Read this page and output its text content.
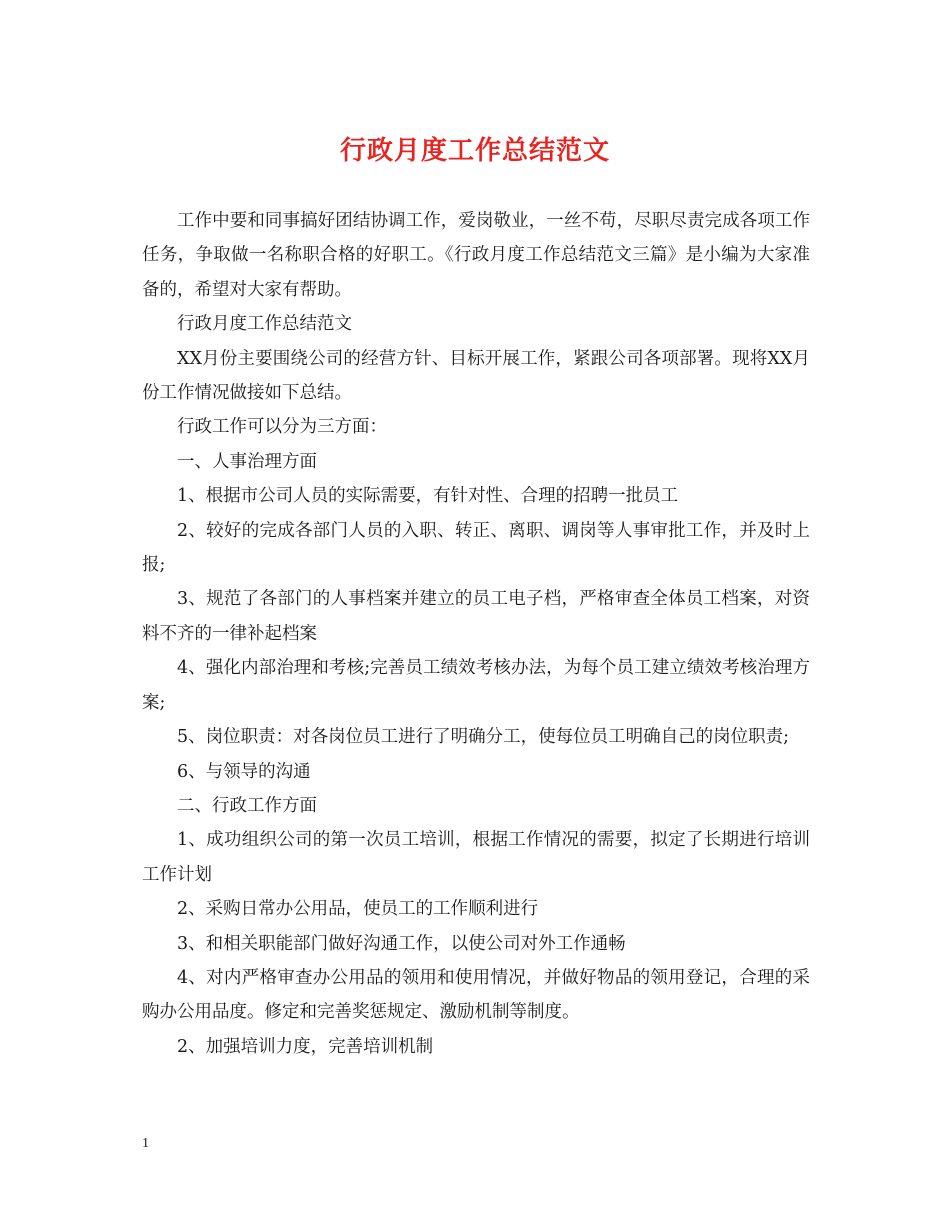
行政月度工作总结范文

工作中要和同事搞好团结协调工作，爱岗敬业，一丝不苟，尽职尽责完成各项工作任务，争取做一名称职合格的好职工。《行政月度工作总结范文三篇》是小编为大家准备的，希望对大家有帮助。

行政月度工作总结范文

XX月份主要围绕公司的经营方针、目标开展工作，紧跟公司各项部署。现将XX月份工作情况做接如下总结。

行政工作可以分为三方面：

一、人事治理方面

1、根据市公司人员的实际需要，有针对性、合理的招聘一批员工

2、较好的完成各部门人员的入职、转正、离职、调岗等人事审批工作，并及时上报;

3、规范了各部门的人事档案并建立的员工电子档，严格审查全体员工档案，对资料不齐的一律补起档案

4、强化内部治理和考核;完善员工绩效考核办法，为每个员工建立绩效考核治理方案;

5、岗位职责：对各岗位员工进行了明确分工，使每位员工明确自己的岗位职责;

6、与领导的沟通

二、行政工作方面

1、成功组织公司的第一次员工培训，根据工作情况的需要，拟定了长期进行培训工作计划

2、采购日常办公用品，使员工的工作顺利进行

3、和相关职能部门做好沟通工作，以使公司对外工作通畅

4、对内严格审查办公用品的领用和使用情况，并做好物品的领用登记，合理的采购办公用品度。修定和完善奖惩规定、激励机制等制度。

2、加强培训力度，完善培训机制

1
